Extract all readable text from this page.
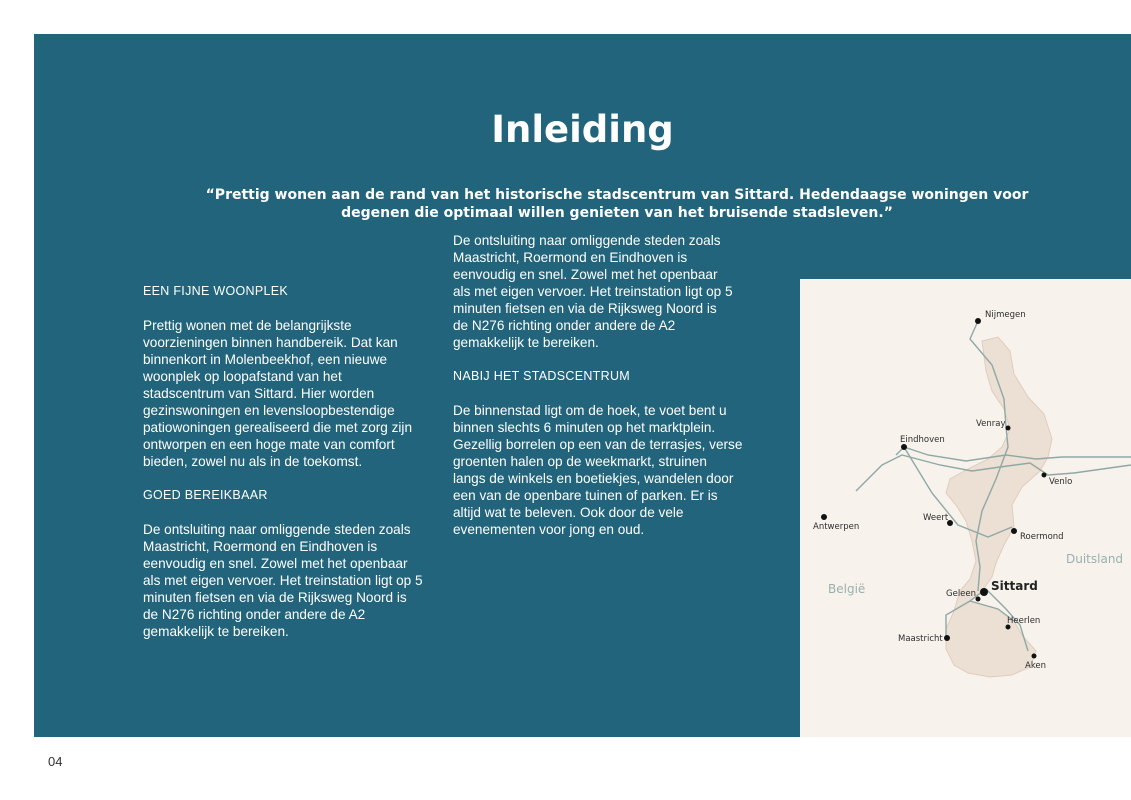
Inleiding

“Prettig wonen aan de rand van het historische stadscentrum van Sittard. Hedendaagse woningen voor degenen die optimaal willen genieten van het bruisende stadsleven.”

EEN FIJNE WOONPLEK

Prettig wonen met de belangrijkste voorzieningen binnen handbereik. Dat kan binnenkort in Molenbeekhof, een nieuwe woonplek op loopafstand van het stadscentrum van Sittard. Hier worden gezinswoningen en levensloopbestendige patiowoningen gerealiseerd die met zorg zijn ontworpen en een hoge mate van comfort bieden, zowel nu als in de toekomst.

GOED BEREIKBAAR

De ontsluiting naar omliggende steden zoals Maastricht, Roermond en Eindhoven is eenvoudig en snel. Zowel met het openbaar als met eigen vervoer. Het treinstation ligt op 5 minuten fietsen en via de Rijksweg Noord is de N276 richting onder andere de A2 gemakkelijk te bereiken.

De ontsluiting naar omliggende steden zoals Maastricht, Roermond en Eindhoven is eenvoudig en snel. Zowel met het openbaar als met eigen vervoer. Het treinstation ligt op 5 minuten fietsen en via de Rijksweg Noord is de N276 richting onder andere de A2 gemakkelijk te bereiken.

NABIJ HET STADSCENTRUM

De binnenstad ligt om de hoek, te voet bent u binnen slechts 6 minuten op het marktplein. Gezellig borrelen op een van de terrasjes, verse groenten halen op de weekmarkt, struinen langs de winkels en boetiekjes, wandelen door een van de openbare tuinen of parken. Er is altijd wat te beleven. Ook door de vele evenementen voor jong en oud.

Nijmegen
Venray
Eindhoven
Venlo
Antwerpen
Weert
Roermond
Sittard
Geleen
Heerlen
Maastricht
Aken
Duitsland
België
04
